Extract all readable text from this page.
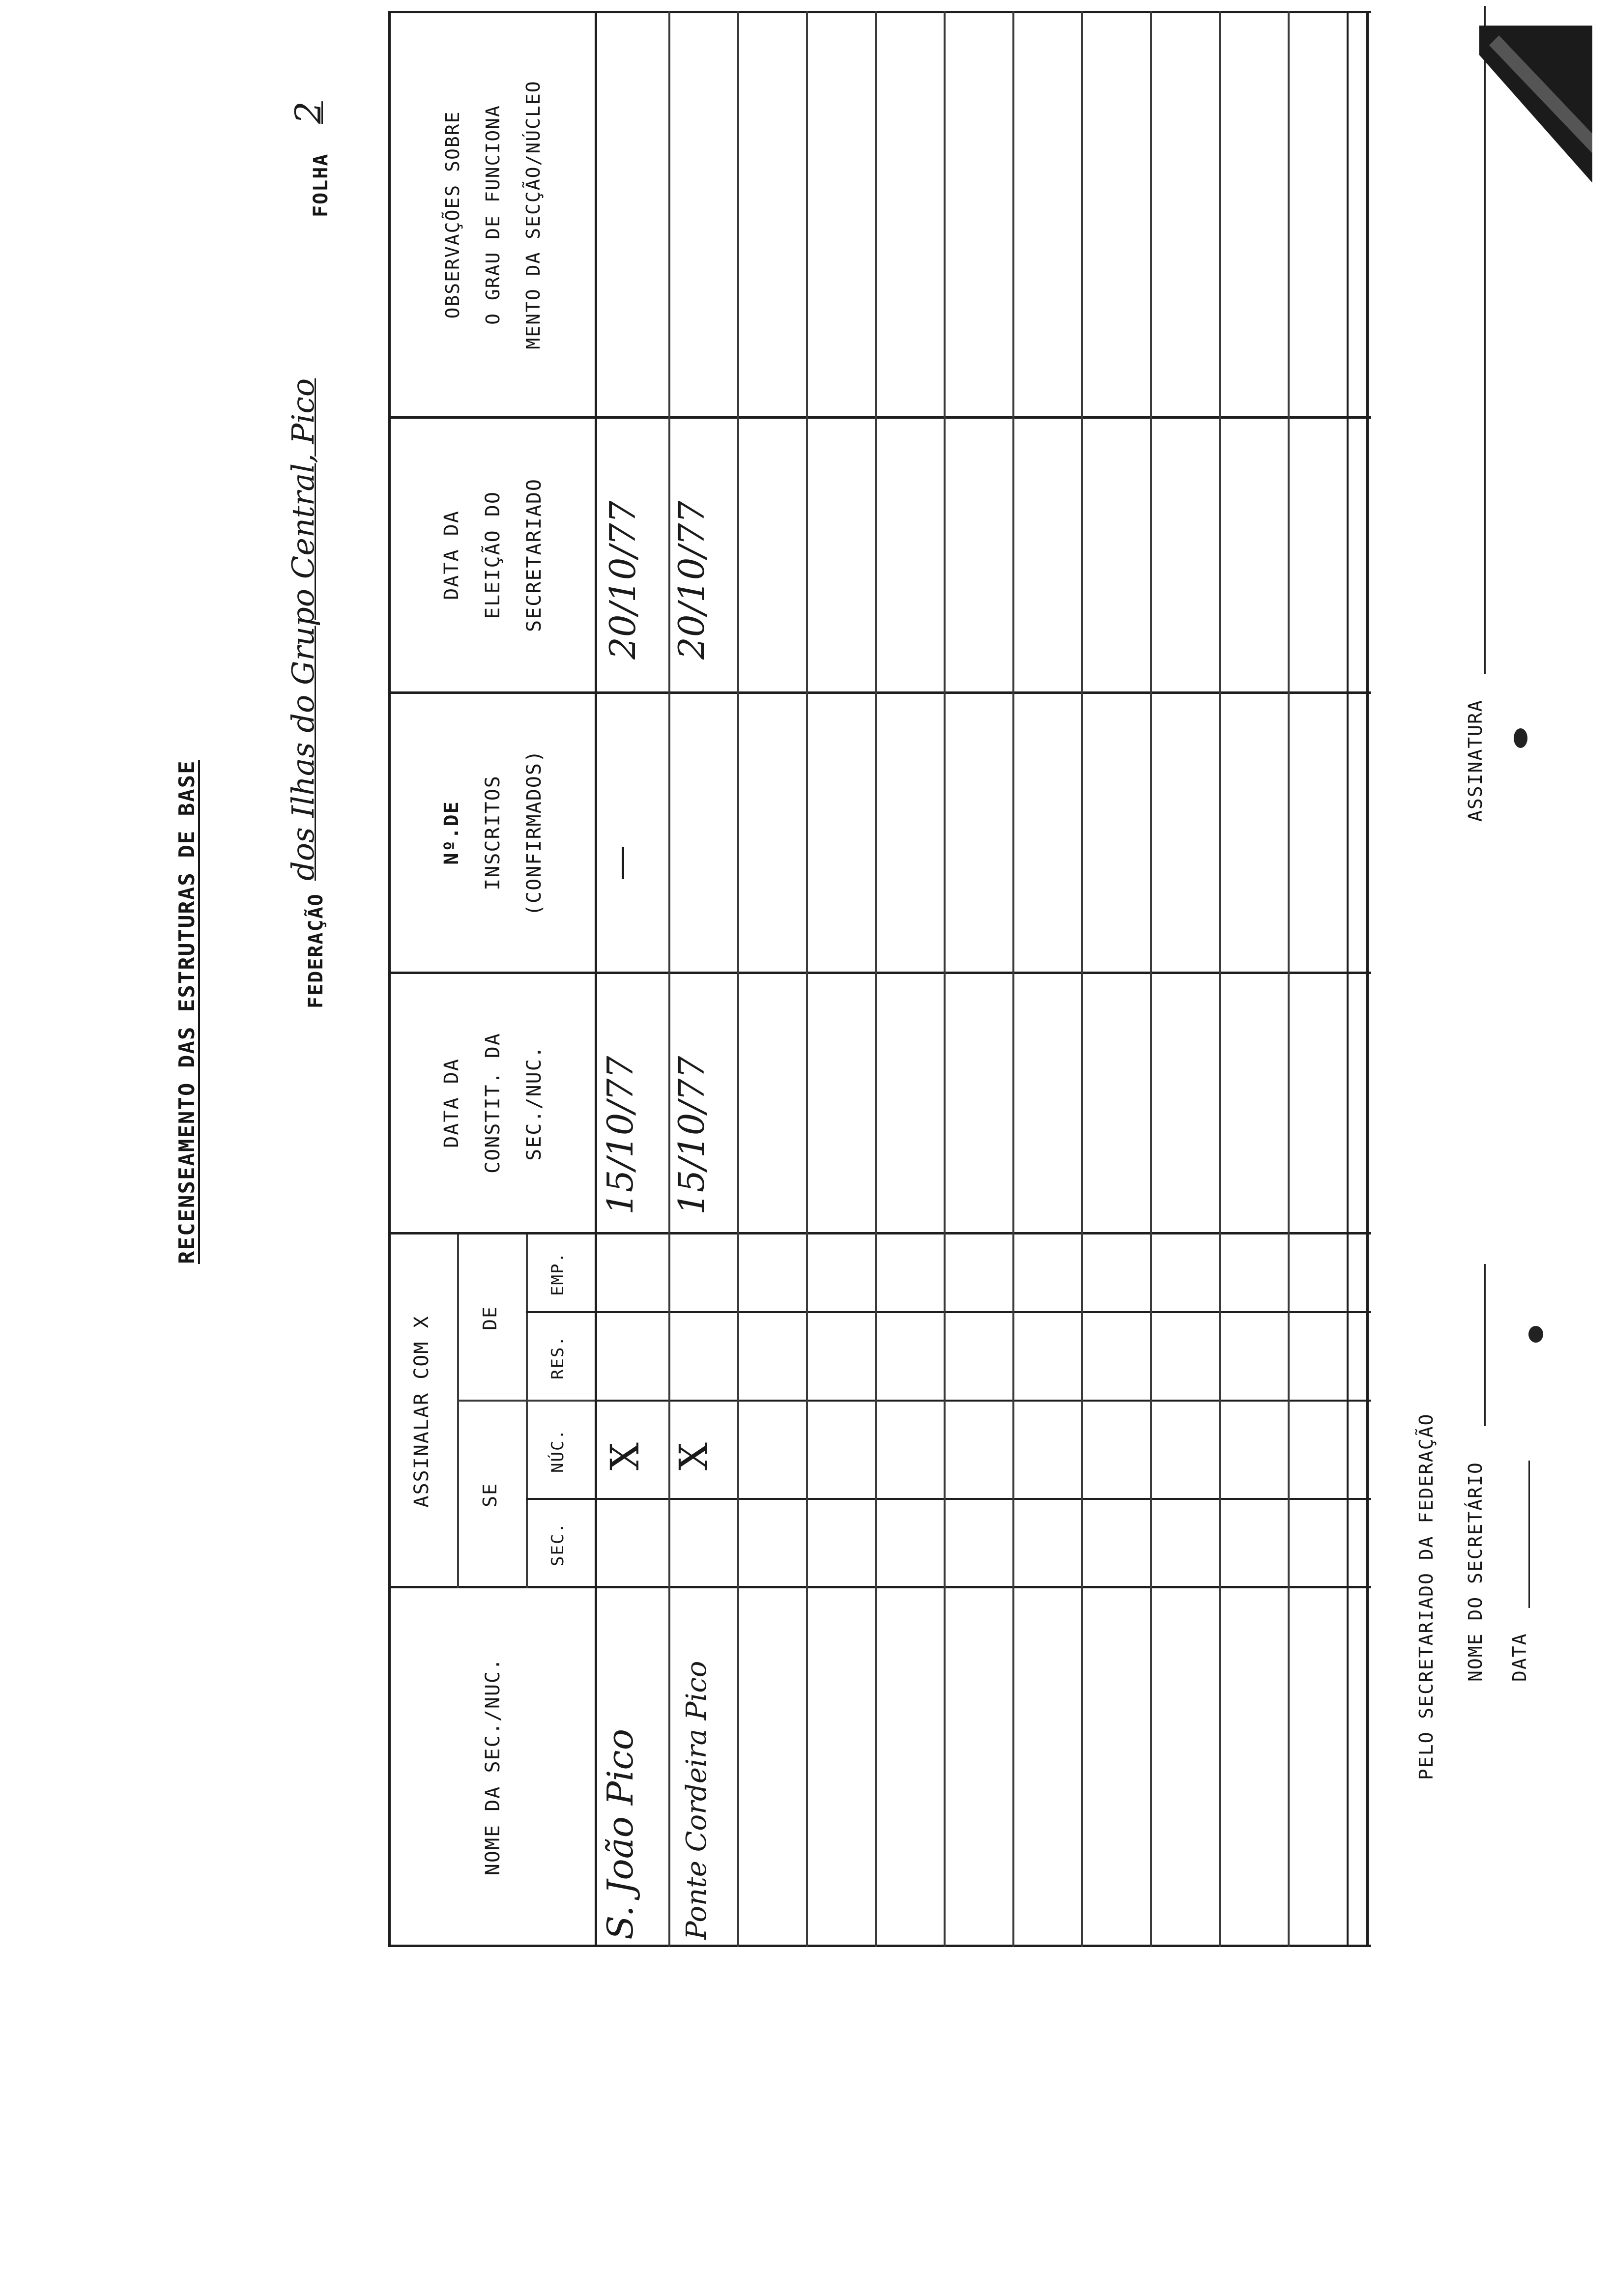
RECENSEAMENTO DAS ESTRUTURAS DE BASE	FEDERAÇÃO
dos Ilhas do Grupo Central, Pico
FOLHA
2
NOME DA SEC./NUC.
ASSINALAR COM X SE
DE
SEC.
NÚC.
RES.
EMP.
DATA DA CONSTIT. DA SEC./NUC.
Nº.DE INSCRITOS (CONFIRMADOS)
DATA DA ELEIÇÃO DO SECRETARIADO
OBSERVAÇÕES SOBRE O GRAU DE FUNCIONA MENTO DA SECÇÃO/NÚCLEO
S. João Pico
X
15/10/77
—
20/10/77
Ponte Cordeira Pico
X
15/10/77
20/10/77
PELO SECRETARIADO DA FEDERAÇÃO NOME DO SECRETÁRIO DATA
ASSINATURA
